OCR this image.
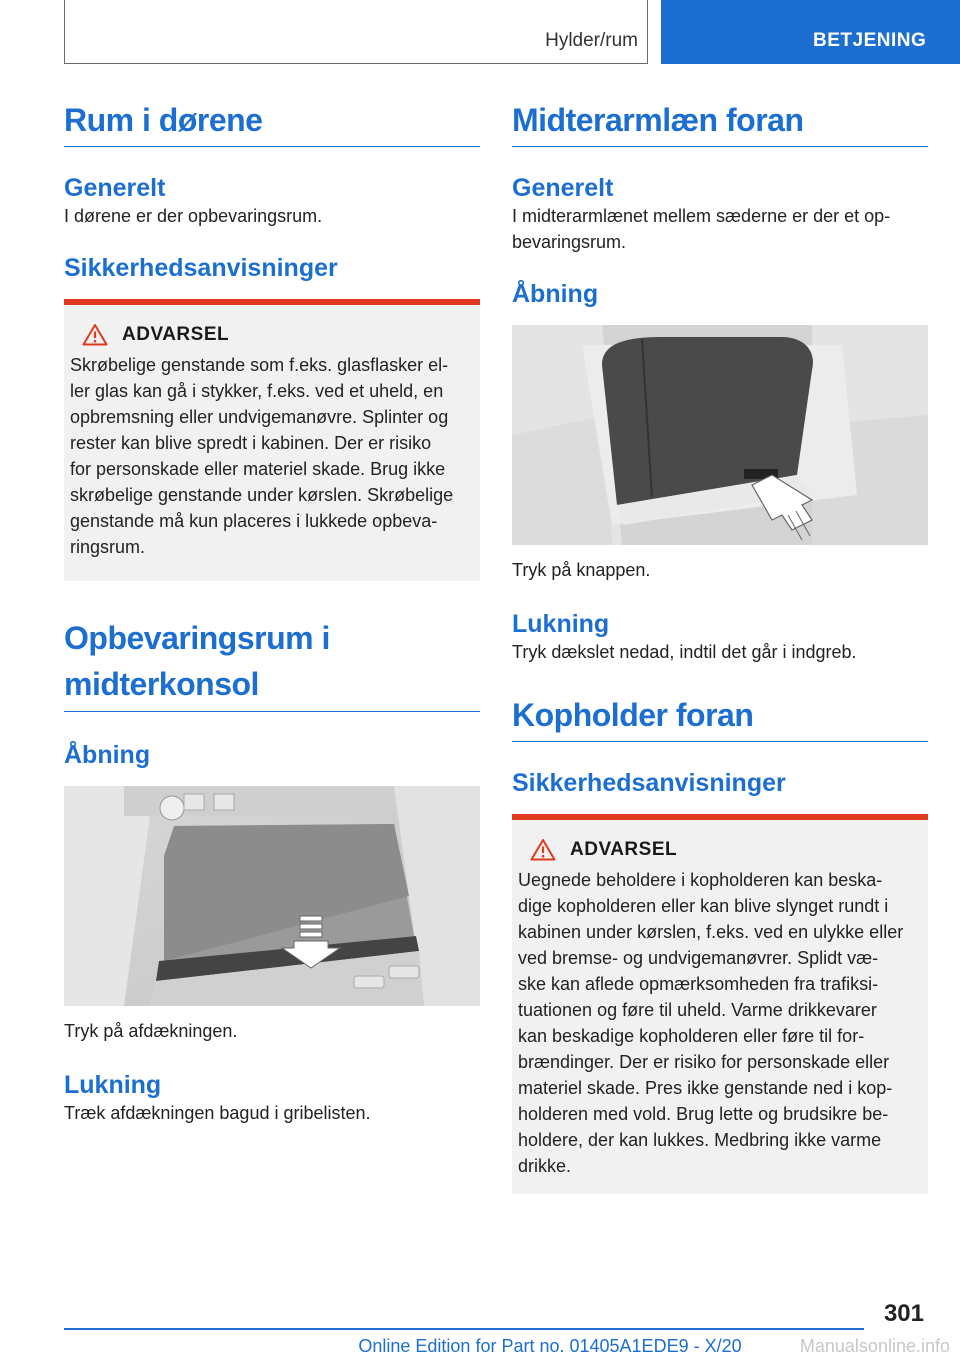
Hylder/rum	BETJENING
Rum i dørene
Generelt

I dørene er der opbevaringsrum.

Sikkerhedsanvisninger
ADVARSEL

Skrøbelige genstande som f.eks. glasflasker el-

ler glas kan gå i stykker, f.eks. ved et uheld, en

opbremsning eller undvigemanøvre. Splinter og

rester kan blive spredt i kabinen. Der er risiko

for personskade eller materiel skade. Brug ikke

skrøbelige genstande under kørslen. Skrøbelige

genstande må kun placeres i lukkede opbeva-

ringsrum.

Opbevaringsrum i
midterkonsol
Åbning

Tryk på afdækningen.

Lukning

Træk afdækningen bagud i gribelisten.

Midterarmlæn foran
Generelt

I midterarmlænet mellem sæderne er der et op-

bevaringsrum.

Åbning

Tryk på knappen.

Lukning

Tryk dækslet nedad, indtil det går i indgreb.

Kopholder foran
Sikkerhedsanvisninger
ADVARSEL

Uegnede beholdere i kopholderen kan beska-

dige kopholderen eller kan blive slynget rundt i

kabinen under kørslen, f.eks. ved en ulykke eller

ved bremse- og undvigemanøvrer. Splidt væ-

ske kan aflede opmærksomheden fra trafiksi-

tuationen og føre til uheld. Varme drikkevarer

kan beskadige kopholderen eller føre til for-

brændinger. Der er risiko for personskade eller

materiel skade. Pres ikke genstande ned i kop-

holderen med vold. Brug lette og brudsikre be-

holdere, der kan lukkes. Medbring ikke varme

drikke.

301
Online Edition for Part no. 01405A1EDE9 - X/20	Manualsonline.info
